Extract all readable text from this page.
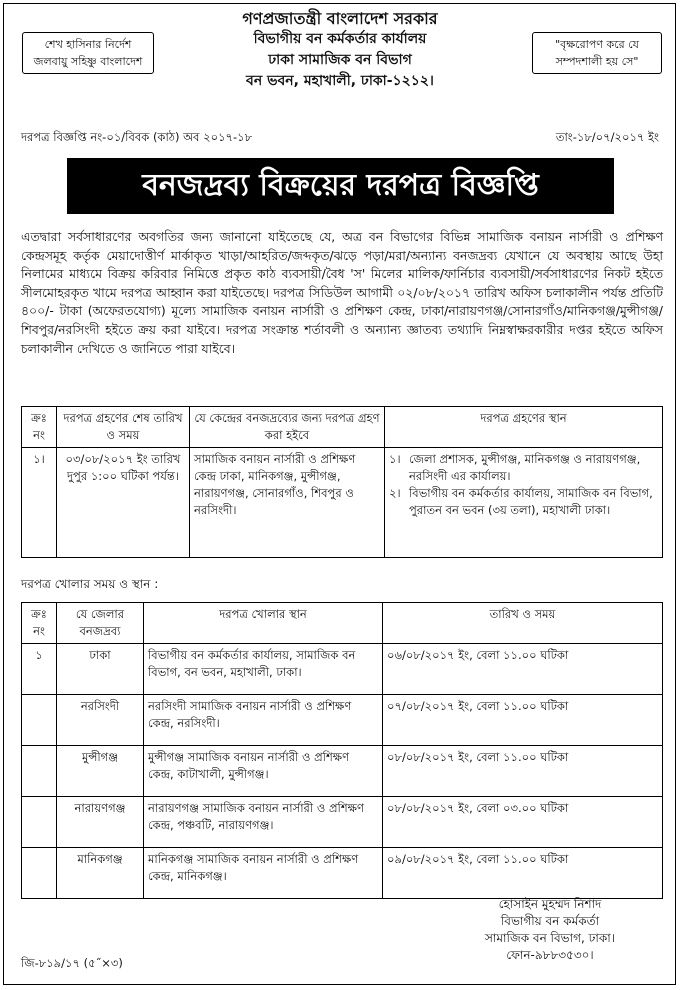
শেখ হাসিনার নির্দেশ
জলবায়ু সহিষ্ণু বাংলাদেশ
"বৃক্ষরোপণ করে যে
সম্পদশালী হয় সে"
গণপ্রজাতন্ত্রী বাংলাদেশ সরকার
বিভাগীয় বন কর্মকর্তার কার্যালয়
ঢাকা সামাজিক বন বিভাগ
বন ভবন, মহাখালী, ঢাকা-১২১২।
দরপত্র বিজ্ঞপ্তি নং-০১/বিবক (কাঠ) অব ২০১৭-১৮	তাং-১৮/০৭/২০১৭ ইং
বনজদ্রব্য বিক্রয়ের দরপত্র বিজ্ঞপ্তি
এতদ্বারা সর্বসাধারণের অবগতির জন্য জানানো যাইতেছে যে, অত্র বন বিভাগের বিভিন্ন সামাজিক বনায়ন নার্সারী ও প্রশিক্ষণ কেন্দ্রসমূহ কর্তৃক মেয়াদোত্তীর্ণ মার্কাকৃত খাড়া/আহরিত/জব্দকৃত/ঝড়ে পড়া/মরা/অন্যান্য বনজদ্রব্য যেখানে যে অবস্থায় আছে উহা নিলামের মাধ্যমে বিক্রয় করিবার নিমিত্তে প্রকৃত কাঠ ব্যবসায়ী/বৈধ 'স' মিলের মালিক/ফার্নিচার ব্যবসায়ী/সর্বসাধারণের নিকট হইতে সীলমোহরকৃত খামে দরপত্র আহ্বান করা যাইতেছে। দরপত্র সিডিউল আগামী ০২/০৮/২০১৭ তারিখ অফিস চলাকালীন পর্যন্ত প্রতিটি ৪০০/- টাকা (অফেরতযোগ্য) মূল্যে সামাজিক বনায়ন নার্সারী ও প্রশিক্ষণ কেন্দ্র, ঢাকা/নারায়ণগঞ্জ/সোনারগাঁও/মানিকগঞ্জ/মুন্সীগঞ্জ/শিবপুর/নরসিংদী হইতে ক্রয় করা যাইবে। দরপত্র সংক্রান্ত শর্তাবলী ও অন্যান্য জ্ঞাতব্য তথ্যাদি নিম্নস্বাক্ষরকারীর দপ্তর হইতে অফিস চলাকালীন দেখিতে ও জানিতে পারা যাইবে।
ক্রঃ নং	দরপত্র গ্রহণের শেষ তারিখ ও সময়	যে কেন্দ্রের বনজদ্রব্যের জন্য দরপত্র গ্রহণ করা হইবে	দরপত্র গ্রহণের স্থান
১।	০৩/০৮/২০১৭ ইং তারিখ দুপুর ১:০০ ঘটিকা পর্যন্ত।	সামাজিক বনায়ন নার্সারী ও প্রশিক্ষণ কেন্দ্র ঢাকা, মানিকগঞ্জ, মুন্সীগঞ্জ, নারায়ণগঞ্জ, সোনারগাঁও, শিবপুর ও নরসিংদী।	১। জেলা প্রশাসক, মুন্সীগঞ্জ, মানিকগঞ্জ ও নারায়ণগঞ্জ, নরসিংদী এর কার্যালয়।
২। বিভাগীয় বন কর্মকর্তার কার্যালয়, সামাজিক বন বিভাগ, পুরাতন বন ভবন (৩য় তলা), মহাখালী ঢাকা।
দরপত্র খোলার সময় ও স্থান :
ক্রঃ নং	যে জেলার বনজদ্রব্য	দরপত্র খোলার স্থান	তারিখ ও সময়
১	ঢাকা	বিভাগীয় বন কর্মকর্তার কার্যালয়, সামাজিক বন বিভাগ, বন ভবন, মহাখালী, ঢাকা।	০৬/০৮/২০১৭ ইং, বেলা ১১.০০ ঘটিকা
	নরসিংদী	নরসিংদী সামাজিক বনায়ন নার্সারী ও প্রশিক্ষণ কেন্দ্র, নরসিংদী।	০৭/০৮/২০১৭ ইং, বেলা ১১.০০ ঘটিকা
	মুন্সীগঞ্জ	মুন্সীগঞ্জ সামাজিক বনায়ন নার্সারী ও প্রশিক্ষণ কেন্দ্র, কাটাখালী, মুন্সীগঞ্জ।	০৮/০৮/২০১৭ ইং, বেলা ১১.০০ ঘটিকা
	নারায়ণগঞ্জ	নারায়ণগঞ্জ সামাজিক বনায়ন নার্সারী ও প্রশিক্ষণ কেন্দ্র, পঞ্চবটি, নারায়ণগঞ্জ।	০৮/০৮/২০১৭ ইং, বেলা ০৩.০০ ঘটিকা
	মানিকগঞ্জ	মানিকগঞ্জ সামাজিক বনায়ন নার্সারী ও প্রশিক্ষণ কেন্দ্র, মানিকগঞ্জ।	০৯/০৮/২০১৭ ইং, বেলা ১১.০০ ঘটিকা
হোসাইন মুহম্মদ নিশাদ
বিভাগীয় বন কর্মকর্তা
সামাজিক বন বিভাগ, ঢাকা।
ফোন-৯৮৮৩৫৩০।
জি-৮১৯/১৭ (৫˝×৩)
